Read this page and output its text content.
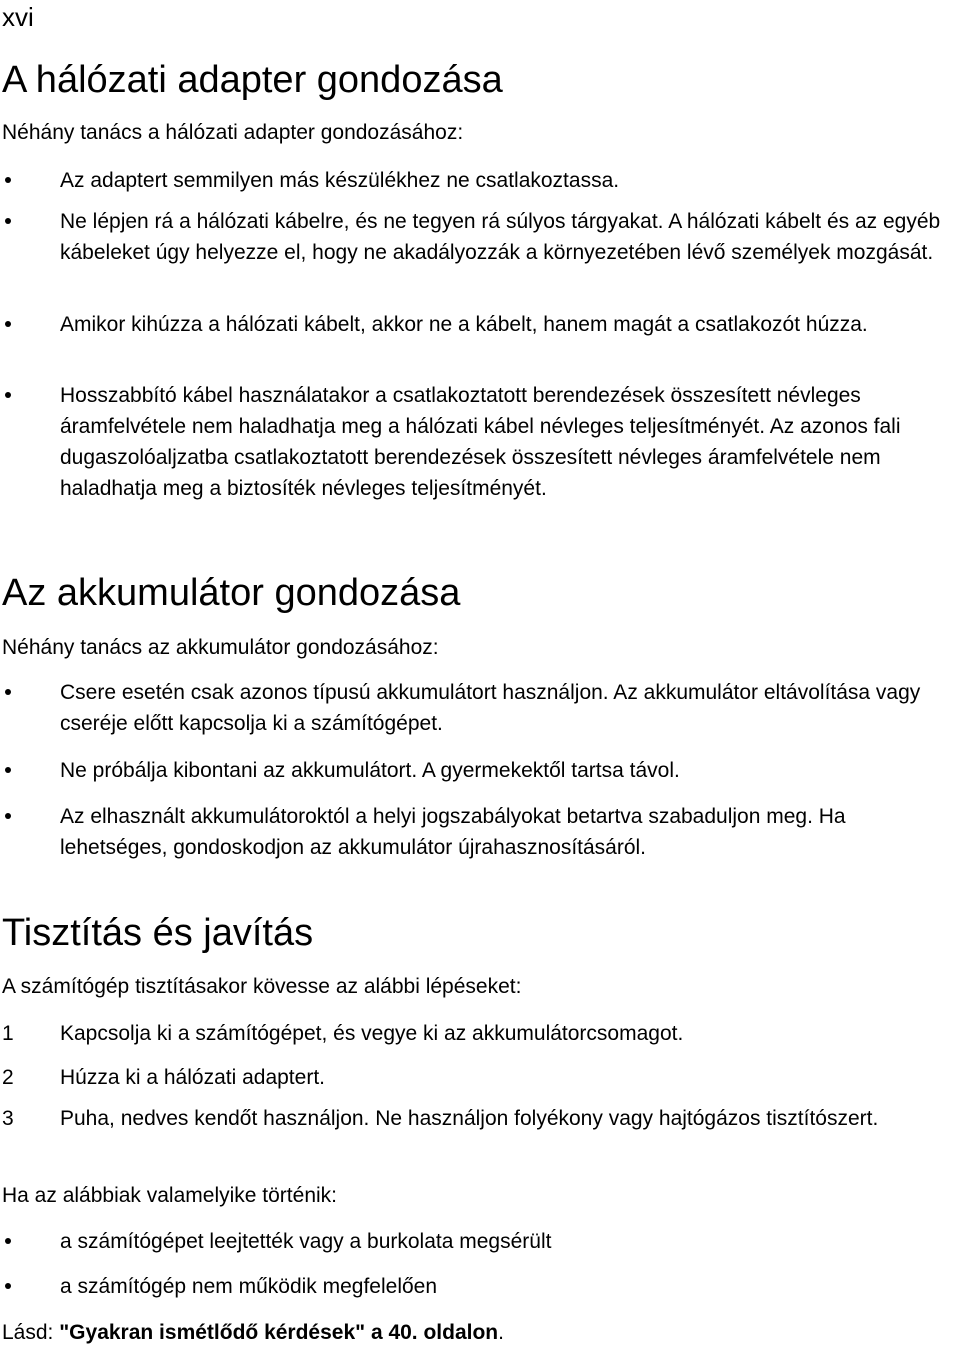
xvi
A hálózati adapter gondozása
Néhány tanács a hálózati adapter gondozásához:
Az adaptert semmilyen más készülékhez ne csatlakoztassa.
Ne lépjen rá a hálózati kábelre, és ne tegyen rá súlyos tárgyakat. A hálózati kábelt és az egyéb kábeleket úgy helyezze el, hogy ne akadályozzák a környezetében lévő személyek mozgását.
Amikor kihúzza a hálózati kábelt, akkor ne a kábelt, hanem magát a csatlakozót húzza.
Hosszabbító kábel használatakor a csatlakoztatott berendezések összesített névleges áramfelvétele nem haladhatja meg a hálózati kábel névleges teljesítményét. Az azonos fali dugaszolóaljzatba csatlakoztatott berendezések összesített névleges áramfelvétele nem haladhatja meg a biztosíték névleges teljesítményét.
Az akkumulátor gondozása
Néhány tanács az akkumulátor gondozásához:
Csere esetén csak azonos típusú akkumulátort használjon. Az akkumulátor eltávolítása vagy cseréje előtt kapcsolja ki a számítógépet.
Ne próbálja kibontani az akkumulátort. A gyermekektől tartsa távol.
Az elhasznált akkumulátoroktól a helyi jogszabályokat betartva szabaduljon meg. Ha lehetséges, gondoskodjon az akkumulátor újrahasznosításáról.
Tisztítás és javítás
A számítógép tisztításakor kövesse az alábbi lépéseket:
1 Kapcsolja ki a számítógépet, és vegye ki az akkumulátorcsomagot.
2 Húzza ki a hálózati adaptert.
3 Puha, nedves kendőt használjon. Ne használjon folyékony vagy hajtógázos tisztítószert.
Ha az alábbiak valamelyike történik:
a számítógépet leejtették vagy a burkolata megsérült
a számítógép nem működik megfelelően
Lásd: "Gyakran ismétlődő kérdések" a 40. oldalon.
